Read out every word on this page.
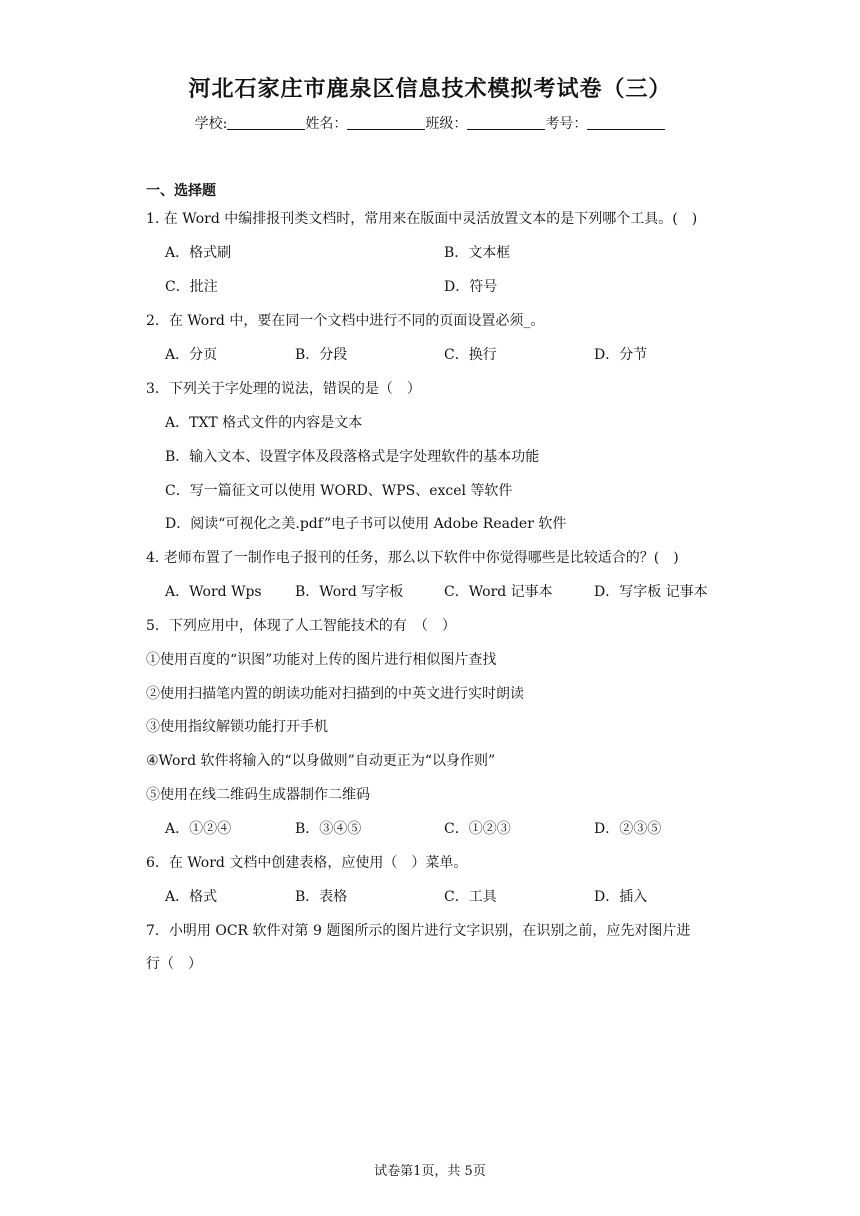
河北石家庄市鹿泉区信息技术模拟考试卷（三）
学校:	姓名：	班级：	考号：
一、选择题
1. 在 Word 中编排报刊类文档时，常用来在版面中灵活放置文本的是下列哪个工具。(　)
A．格式刷	B．文本框
C．批注	D．符号
2．在 Word 中，要在同一个文档中进行不同的页面设置必须_。
A．分页	B．分段	C．换行	D．分节
3．下列关于字处理的说法，错误的是（　）
A．TXT 格式文件的内容是文本
B．输入文本、设置字体及段落格式是字处理软件的基本功能
C．写一篇征文可以使用 WORD、WPS、excel 等软件
D．阅读“可视化之美.pdf”电子书可以使用 Adobe Reader 软件
4. 老师布置了一制作电子报刊的任务，那么以下软件中你觉得哪些是比较适合的？(　)
A．Word Wps B．Word 写字板	C．Word 记事本	D．写字板 记事本
5．下列应用中，体现了人工智能技术的有　（　）
①使用百度的“识图”功能对上传的图片进行相似图片查找
②使用扫描笔内置的朗读功能对扫描到的中英文进行实时朗读
③使用指纹解锁功能打开手机
④Word 软件将输入的“以身做则”自动更正为“以身作则”
⑤使用在线二维码生成器制作二维码
A．①②④	B．③④⑤	C．①②③	D．②③⑤
6．在 Word 文档中创建表格，应使用（　）菜单。
A．格式	B．表格	C．工具	D．插入
7．小明用 OCR 软件对第 9 题图所示的图片进行文字识别，在识别之前，应先对图片进
行（　）
试卷第1页，共 5页
